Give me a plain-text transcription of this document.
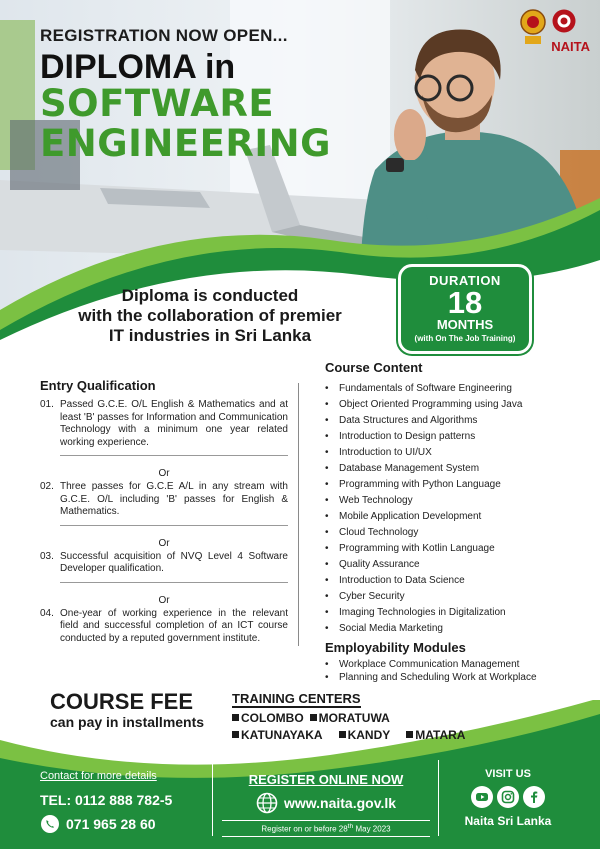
REGISTRATION NOW OPEN...
DIPLOMA in
SOFTWARE
ENGINEERING
NAITA
Diploma is conducted
with the collaboration of premier
IT industries in Sri Lanka
DURATION
18
MONTHS
(with On The Job Training)
Entry Qualification
01. Passed G.C.E. O/L English & Mathematics and at least 'B' passes for Information and Communication Technology with a minimum one year related working experience.
Or
02. Three passes for G.C.E A/L in any stream with G.C.E. O/L including 'B' passes for English & Mathematics.
Or
03. Successful acquisition of NVQ Level 4 Software Developer qualification.
Or
04. One-year of working experience in the relevant field and successful completion of an ICT course conducted by a reputed government institute.
Course Content
•	Fundamentals of Software Engineering
•	Object Oriented Programming using Java
•	Data Structures and Algorithms
•	Introduction to Design patterns
•	Introduction to UI/UX
•	Database Management System
•	Programming with Python Language
•	Web Technology
•	Mobile Application Development
•	Cloud Technology
•	Programming with Kotlin Language
•	Quality Assurance
•	Introduction to Data Science
•	Cyber Security
•	Imaging Technologies in Digitalization
•	Social Media Marketing
Employability Modules
•	Workplace Communication Management
•	Planning and Scheduling Work at Workplace
COURSE FEE
can pay in installments
TRAINING CENTERS
COLOMBO	MORATUWA
KATUNAYAKA	KANDY	MATARA
Contact for more details
TEL: 0112 888 782-5
071 965 28 60
REGISTER ONLINE NOW
www.naita.gov.lk
Register on or before 28th May 2023
VISIT US
Naita Sri Lanka
